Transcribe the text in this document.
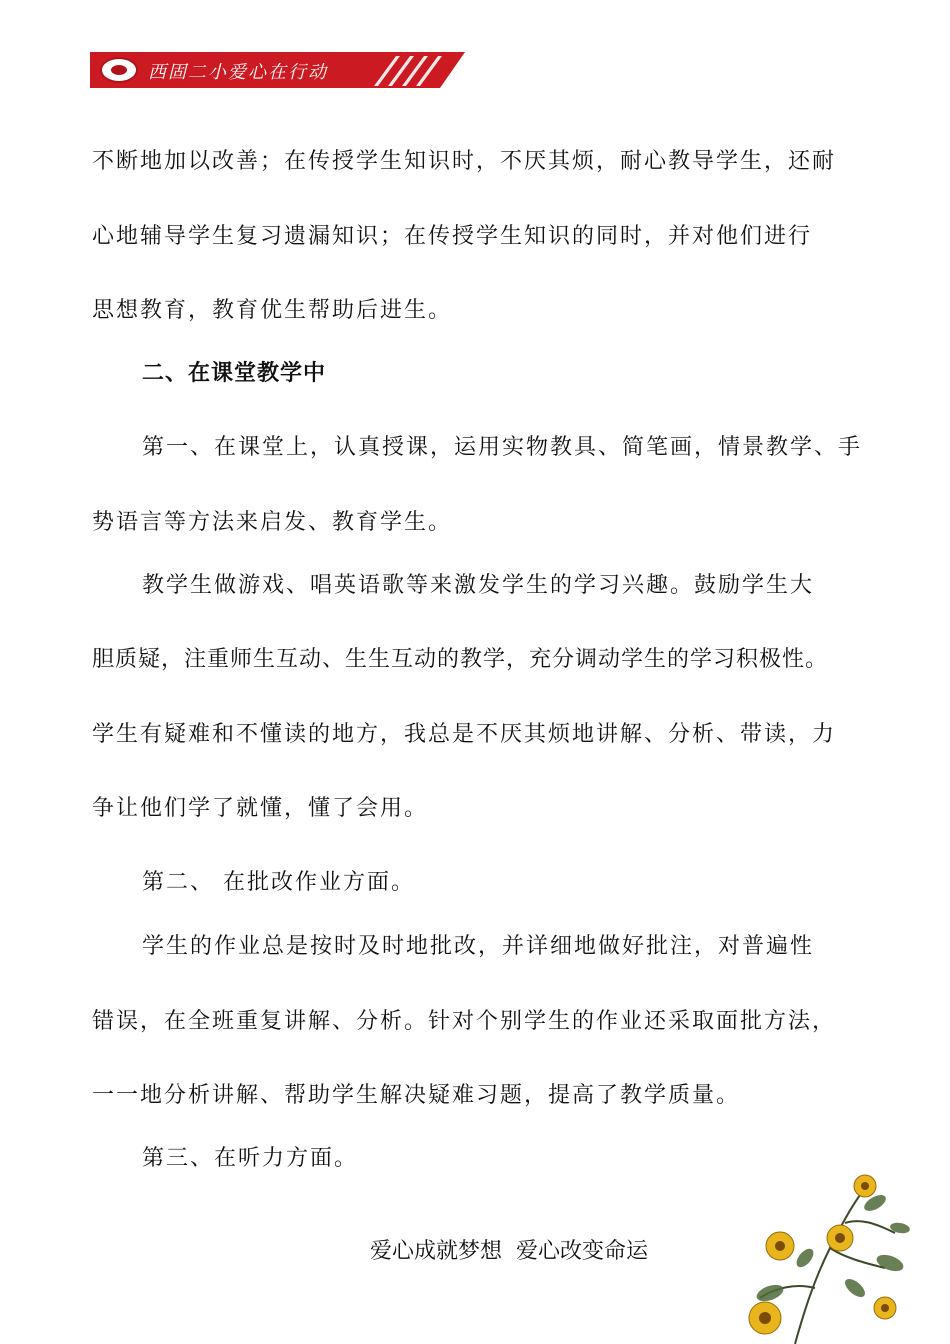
西固二小爱心在行动
不断地加以改善；在传授学生知识时，不厌其烦，耐心教导学生，还耐
心地辅导学生复习遗漏知识；在传授学生知识的同时，并对他们进行
思想教育，教育优生帮助后进生。
二、在课堂教学中
第一、在课堂上，认真授课，运用实物教具、简笔画，情景教学、手
势语言等方法来启发、教育学生。
教学生做游戏、唱英语歌等来激发学生的学习兴趣。鼓励学生大
胆质疑，注重师生互动、生生互动的教学，充分调动学生的学习积极性。
学生有疑难和不懂读的地方，我总是不厌其烦地讲解、分析、带读，力
争让他们学了就懂，懂了会用。
第二、 在批改作业方面。
学生的作业总是按时及时地批改，并详细地做好批注，对普遍性
错误，在全班重复讲解、分析。针对个别学生的作业还采取面批方法，
一一地分析讲解、帮助学生解决疑难习题，提高了教学质量。
第三、在听力方面。
爱心成就梦想  爱心改变命运
